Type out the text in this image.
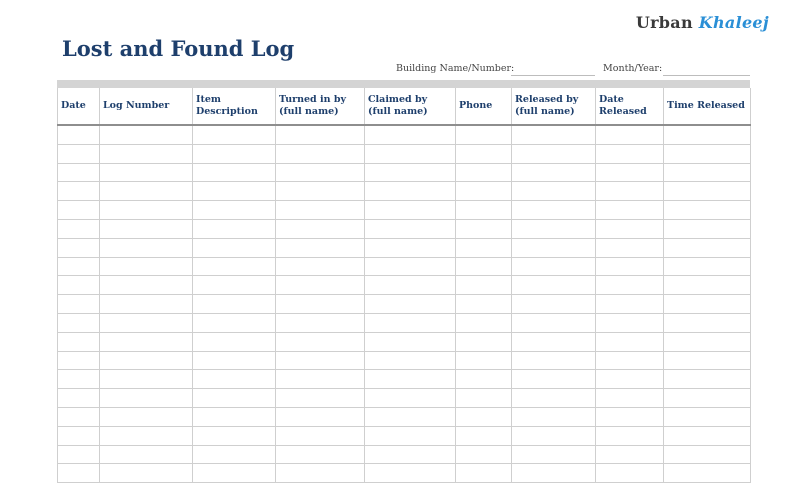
Urban Khaleej
Lost and Found Log
Building Name/Number:	Month/Year:
Date	Log Number	Item Description	Turned in by (full name)	Claimed by (full name)	Phone	Released by (full name)	Date Released	Time Released
